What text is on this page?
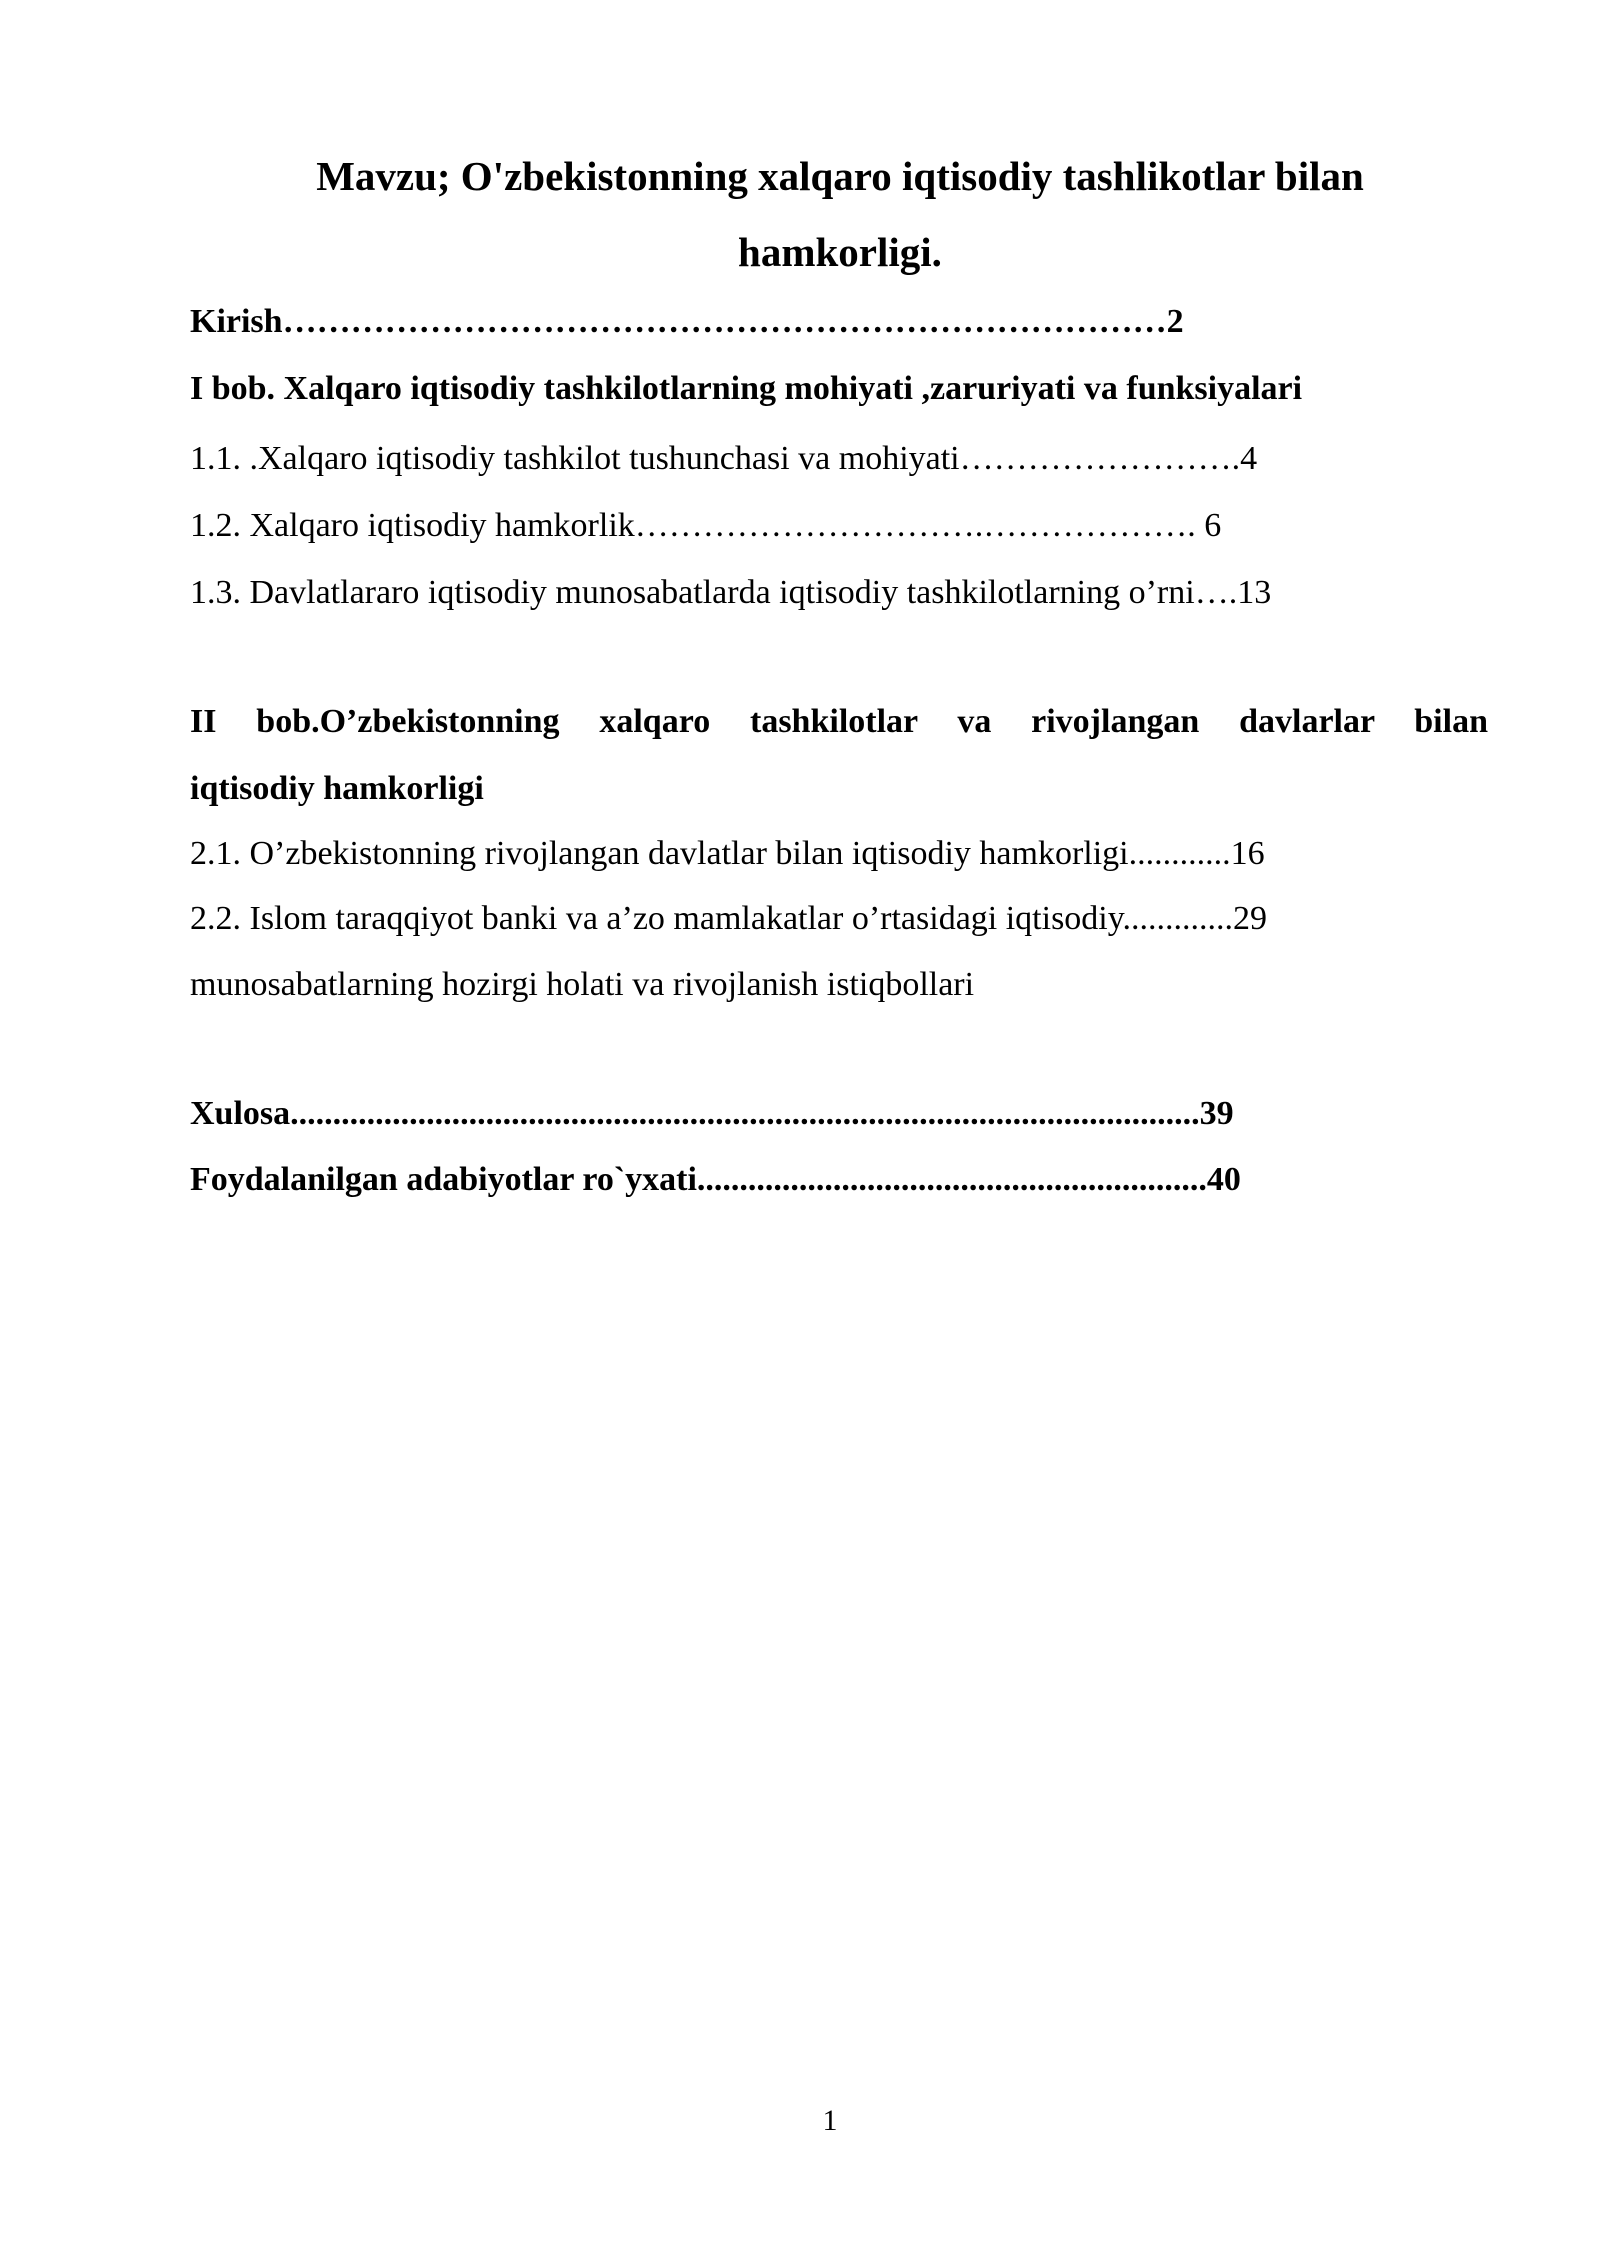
Mavzu; O'zbekistonning xalqaro iqtisodiy tashlikotlar bilan
hamkorligi.
Kirish……………………………………………………………………2
I bob. Xalqaro iqtisodiy tashkilotlarning mohiyati ,zaruriyati va funksiyalari
1.1. .Xalqaro iqtisodiy tashkilot tushunchasi va mohiyati…………………….4
1.2. Xalqaro iqtisodiy hamkorlik………………………….………………. 6
1.3. Davlatlararo iqtisodiy munosabatlarda iqtisodiy tashkilotlarning o’rni….13
II bob.O’zbekistonning xalqaro tashkilotlar va rivojlangan davlarlar bilan
iqtisodiy hamkorligi
2.1. O’zbekistonning rivojlangan davlatlar bilan iqtisodiy hamkorligi............16
2.2. Islom taraqqiyot banki va a’zo mamlakatlar o’rtasidagi iqtisodiy.............29
munosabatlarning hozirgi holati va rivojlanish istiqbollari
Xulosa...........................................................................................................39
Foydalanilgan adabiyotlar ro`yxati............................................................40
1
